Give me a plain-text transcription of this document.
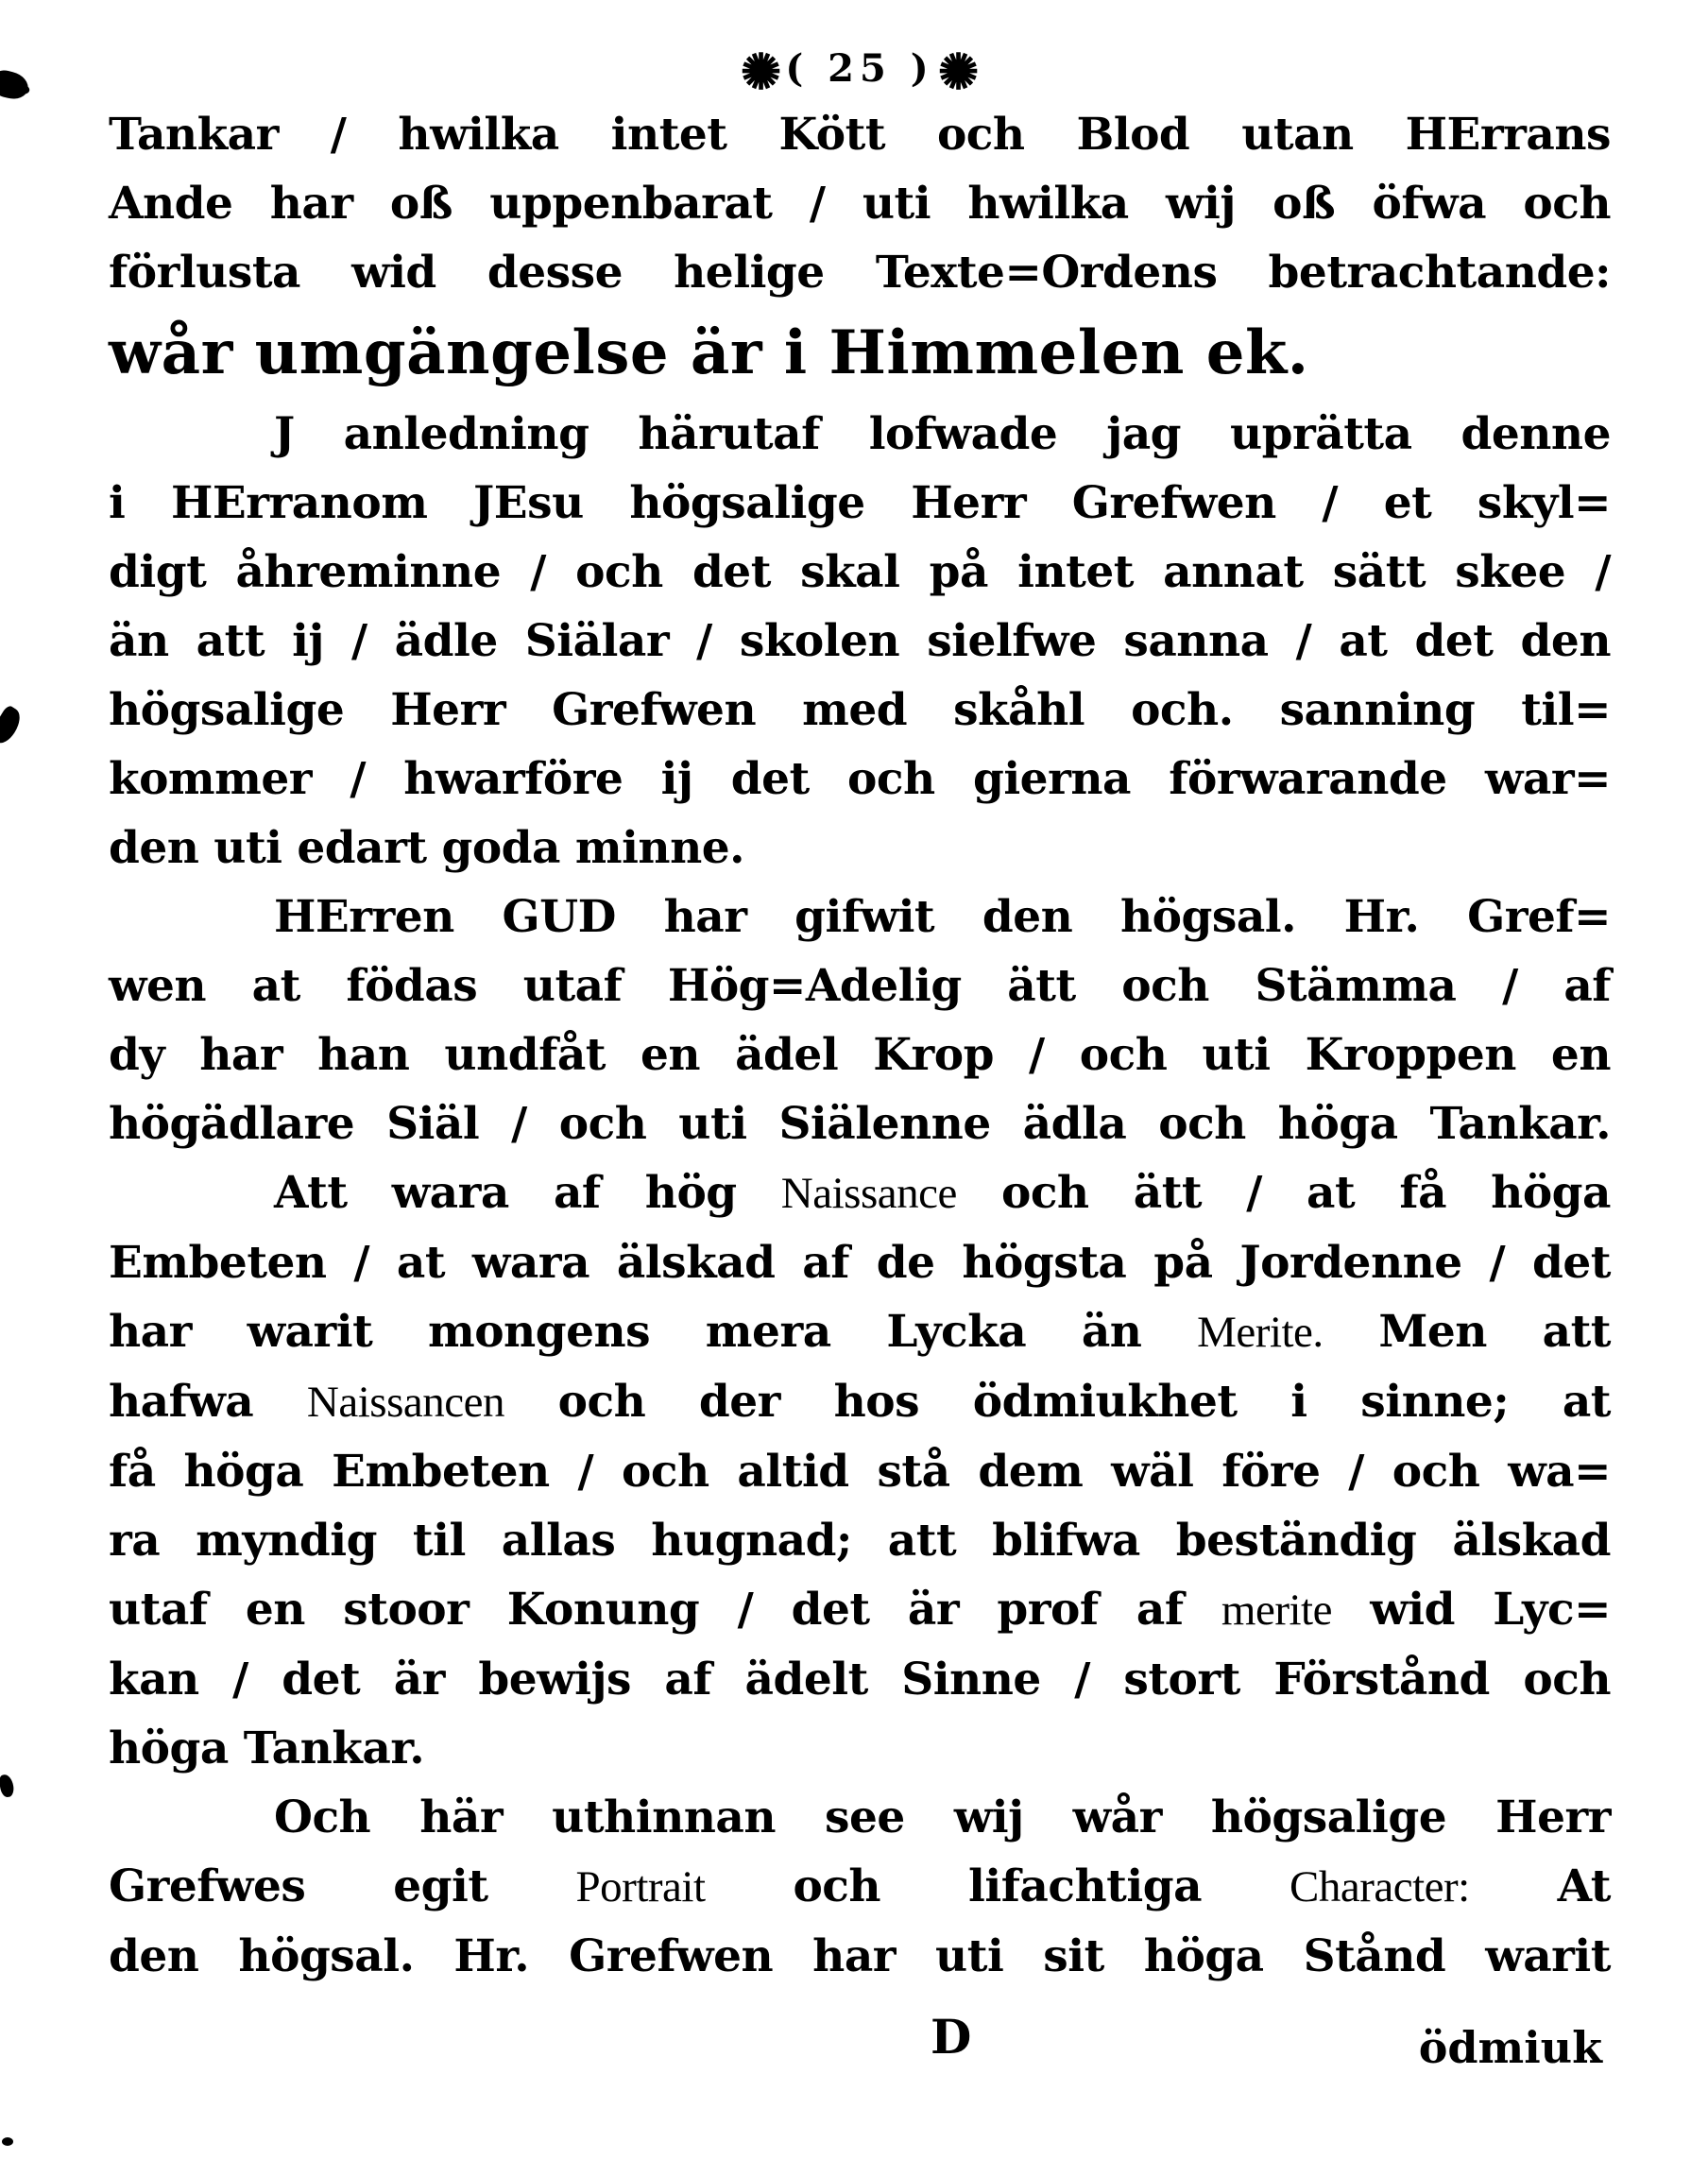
✺ ( 25 )✺
Tankar / hwilka intet Kött och Blod utan HErrans
Ande har oß uppenbarat / uti hwilka wij oß öfwa och
förlusta wid desse helige Texte=Ordens betrachtande:
wår umgängelse är i Himmelen ek.
J anledning härutaf lofwade jag uprätta denne
i HErranom JEsu högsalige Herr Grefwen / et skyl=
digt åhreminne / och det skal på intet annat sätt skee /
än att ij / ädle Siälar / skolen sielfwe sanna / at det den
högsalige Herr Grefwen med skåhl och. sanning til=
kommer / hwarföre ij det och gierna förwarande war=
den uti edart goda minne.
HErren GUD har gifwit den högsal. Hr. Gref=
wen at födas utaf Hög=Adelig ätt och Stämma / af
dy har han undfåt en ädel Krop / och uti Kroppen en
högädlare Siäl / och uti Siälenne ädla och höga Tankar.
Att wara af hög Naissance och ätt / at få höga
Embeten / at wara älskad af de högsta på Jordenne / det
har warit mongens mera Lycka än Merite. Men att
hafwa Naissancen och der hos ödmiukhet i sinne; at
få höga Embeten / och altid stå dem wäl före / och wa=
ra myndig til allas hugnad; att blifwa beständig älskad
utaf en stoor Konung / det är prof af merite wid Lyc=
kan / det är bewijs af ädelt Sinne / stort Förstånd och
höga Tankar.
Och här uthinnan see wij wår högsalige Herr
Grefwes egit Portrait och lifachtiga Character: At
den högsal. Hr. Grefwen har uti sit höga Stånd warit
D	ödmiuk
